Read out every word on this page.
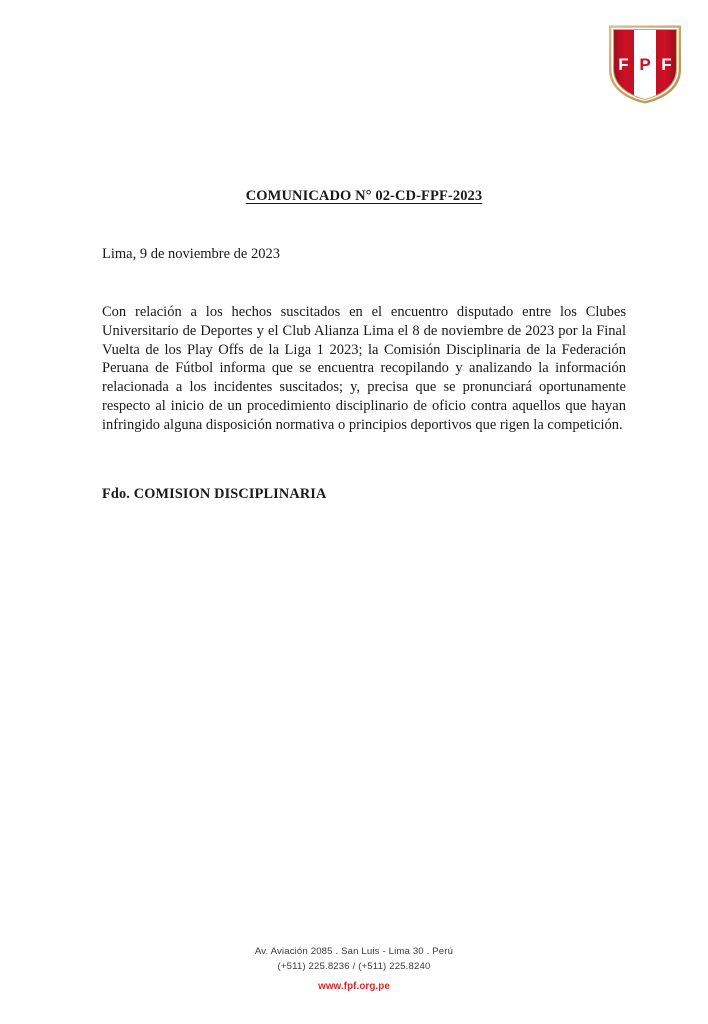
F P F
COMUNICADO N° 02-CD-FPF-2023
Lima, 9 de noviembre de 2023
Con relación a los hechos suscitados en el encuentro disputado entre los Clubes Universitario de Deportes y el Club Alianza Lima el 8 de noviembre de 2023 por la Final Vuelta de los Play Offs de la Liga 1 2023; la Comisión Disciplinaria de la Federación Peruana de Fútbol informa que se encuentra recopilando y analizando la información relacionada a los incidentes suscitados; y, precisa que se pronunciará oportunamente respecto al inicio de un procedimiento disciplinario de oficio contra aquellos que hayan infringido alguna disposición normativa o principios deportivos que rigen la competición.
Fdo. COMISION DISCIPLINARIA
Av. Aviación 2085 . San Luis - Lima 30 . Perú
(+511) 225.8236 / (+511) 225.8240
www.fpf.org.pe
